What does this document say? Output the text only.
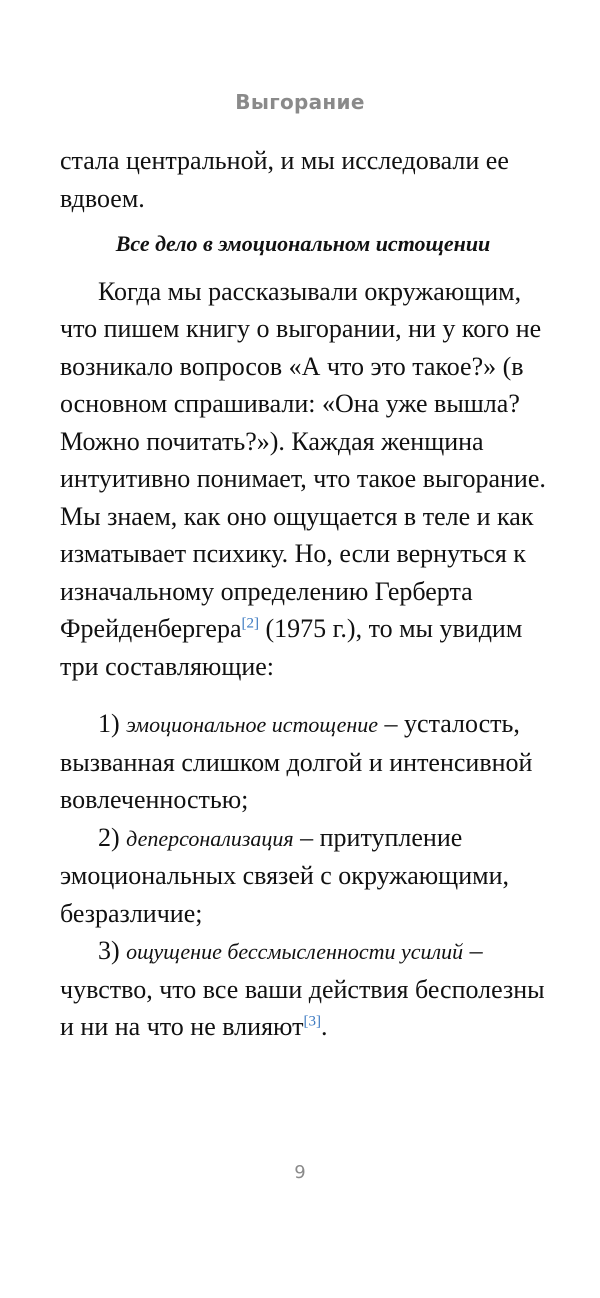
Выгорание

стала центральной, и мы исследовали ее вдвоем.

Все дело в эмоциональном истощении

Когда мы рассказывали окружающим, что пишем книгу о выгорании, ни у кого не возникало вопросов «А что это такое?» (в основном спрашивали: «Она уже вышла? Можно почитать?»). Каждая женщина интуитивно понимает, что такое выгорание. Мы знаем, как оно ощущается в теле и как изматывает психику. Но, если вернуться к изначальному определению Герберта Фрейденбергера[2] (1975 г.), то мы увидим три составляющие:

1) эмоциональное истощение – усталость, вызванная слишком долгой и интенсивной вовлеченностью;

2) деперсонализация – притупление эмоциональных связей с окружающими, безразличие;

3) ощущение бессмысленности усилий – чувство, что все ваши действия бесполезны и ни на что не влияют[3].

9
